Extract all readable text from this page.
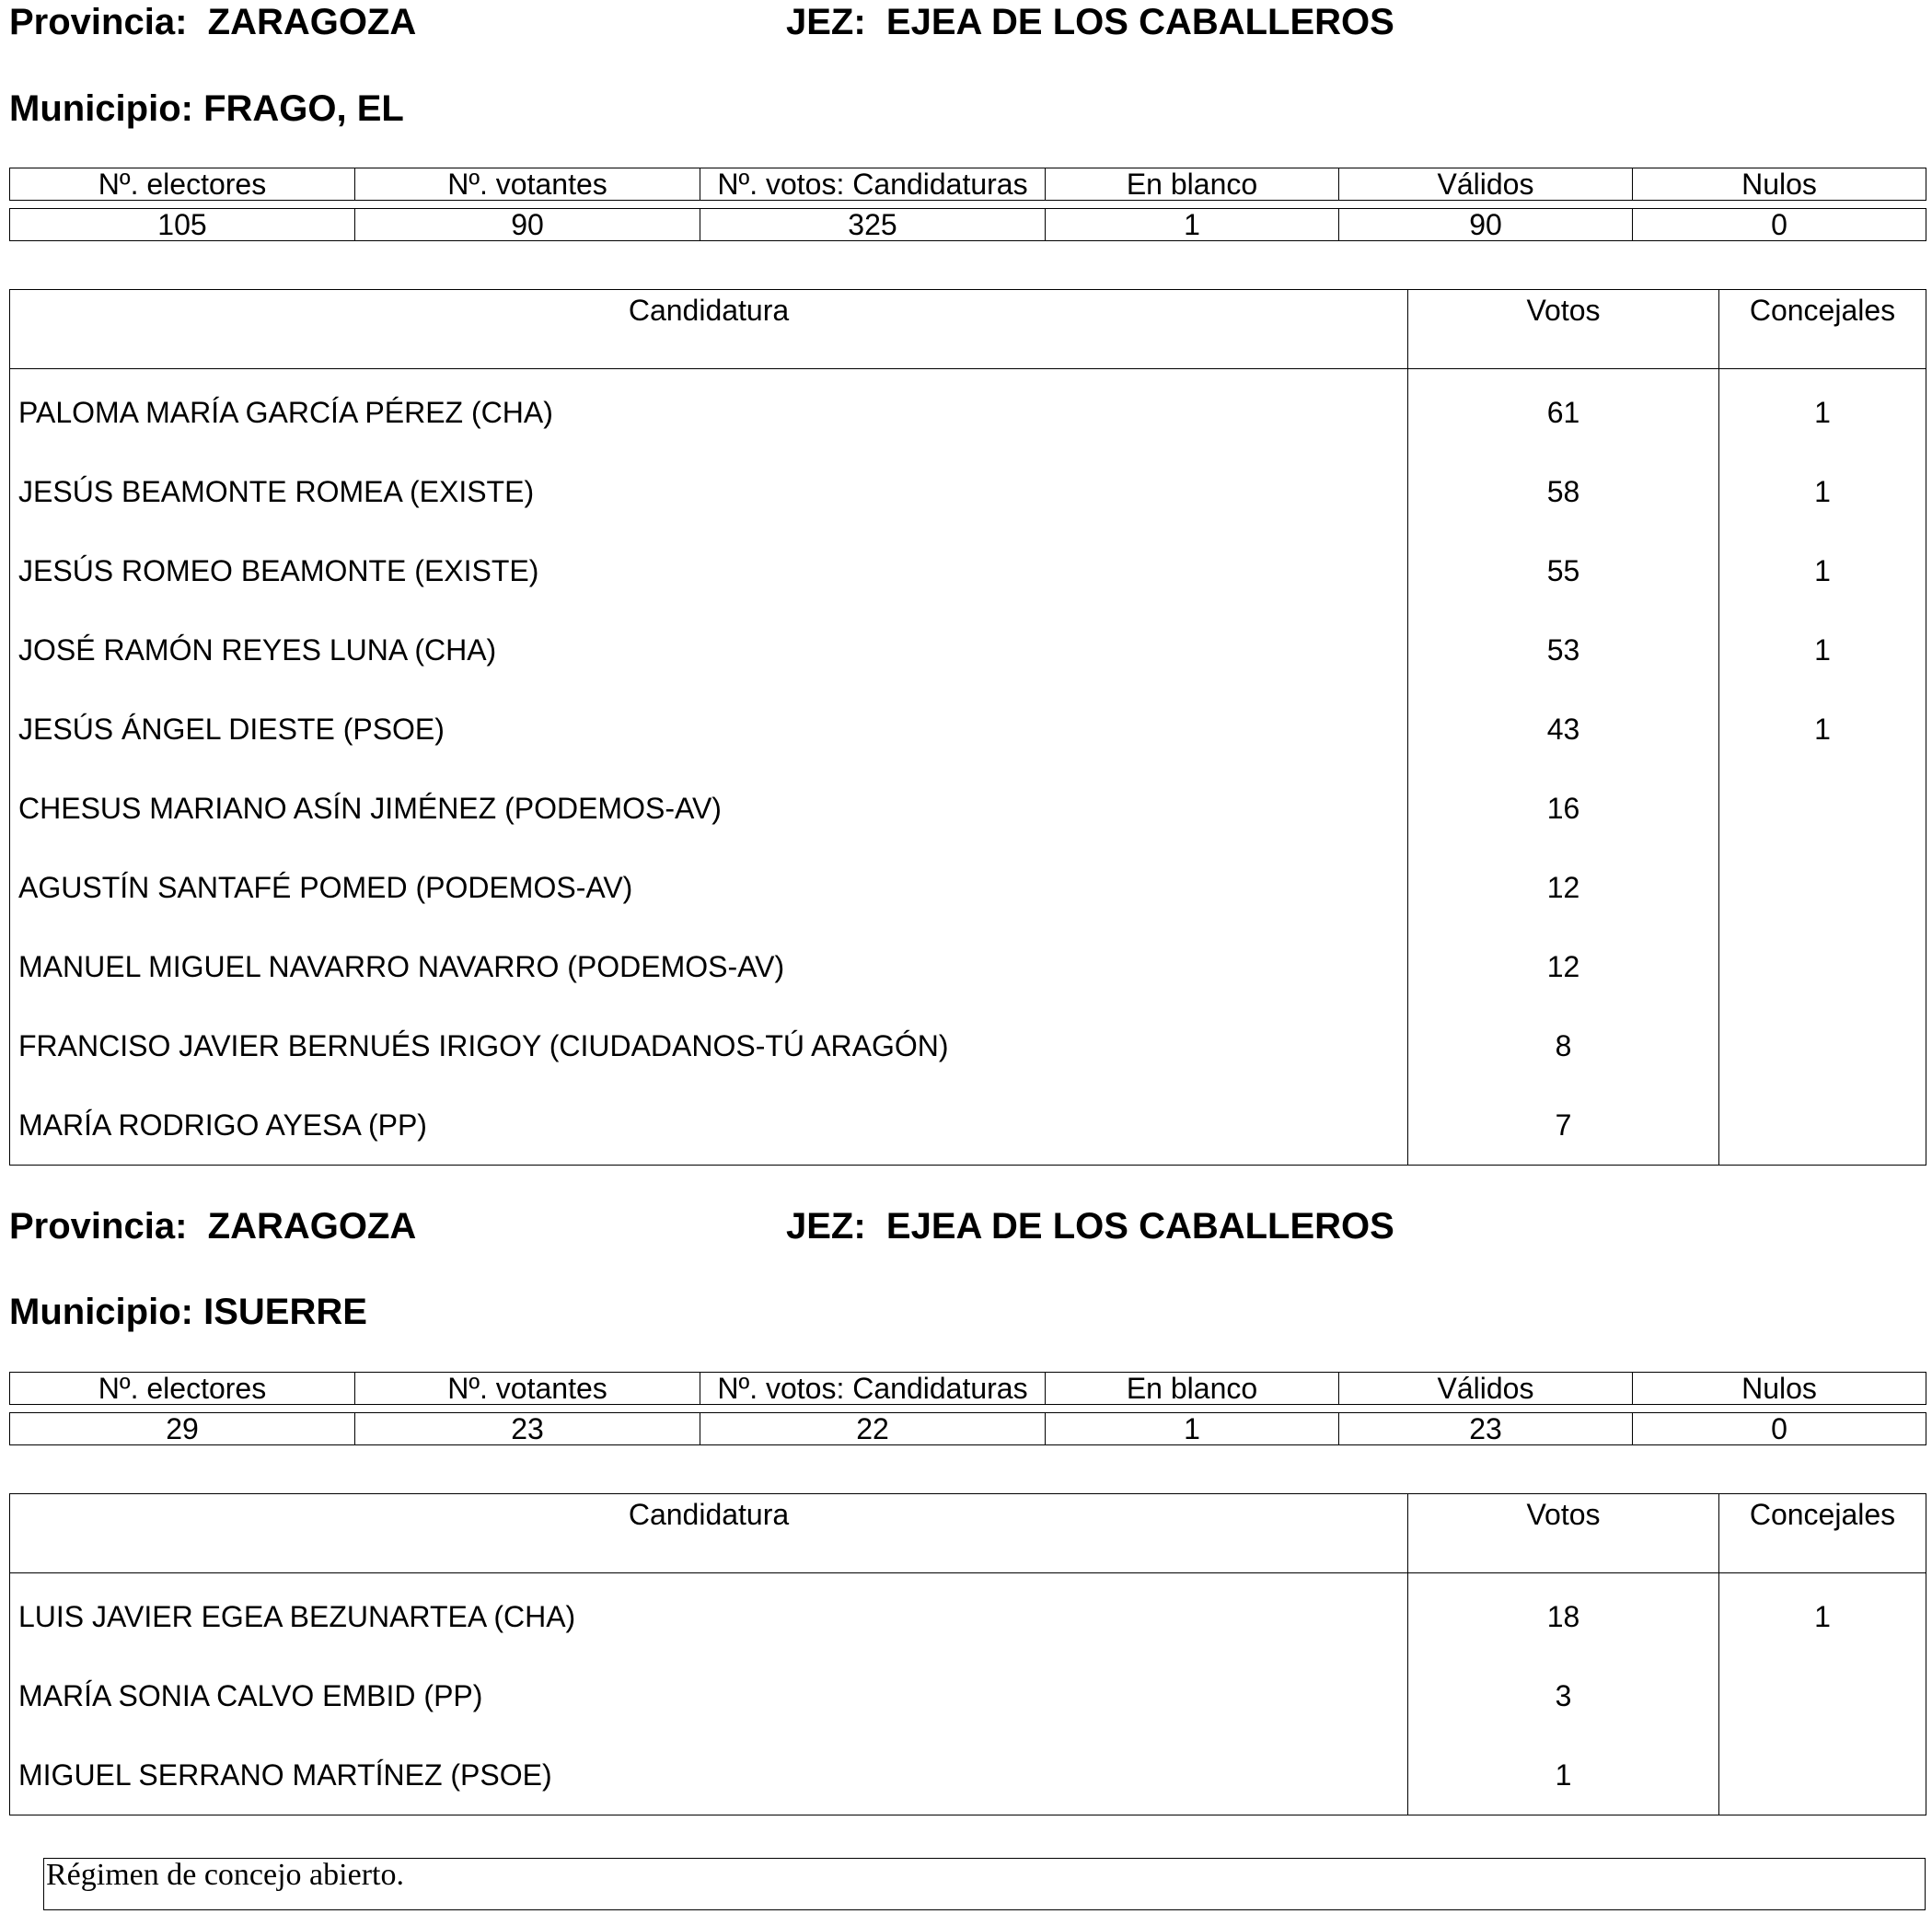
Provincia: ZARAGOZA	JEZ: EJEA DE LOS CABALLEROS
Municipio: FRAGO, EL
Nº. electores	Nº. votantes	Nº. votos: Candidaturas	En blanco	Válidos	Nulos
105	90	325	1	90	0
Candidatura	Votos	Concejales
PALOMA MARÍA GARCÍA PÉREZ (CHA)	61	1
JESÚS BEAMONTE ROMEA (EXISTE)	58	1
JESÚS ROMEO BEAMONTE (EXISTE)	55	1
JOSÉ RAMÓN REYES LUNA (CHA)	53	1
JESÚS ÁNGEL DIESTE (PSOE)	43	1
CHESUS MARIANO ASÍN JIMÉNEZ (PODEMOS-AV)	16	
AGUSTÍN SANTAFÉ POMED (PODEMOS-AV)	12	
MANUEL MIGUEL NAVARRO NAVARRO (PODEMOS-AV)	12	
FRANCISO JAVIER BERNUÉS IRIGOY (CIUDADANOS-TÚ ARAGÓN)	8	
MARÍA RODRIGO AYESA (PP)	7	
Provincia: ZARAGOZA	JEZ: EJEA DE LOS CABALLEROS
Municipio: ISUERRE
Nº. electores	Nº. votantes	Nº. votos: Candidaturas	En blanco	Válidos	Nulos
29	23	22	1	23	0
Candidatura	Votos	Concejales
LUIS JAVIER EGEA BEZUNARTEA (CHA)	18	1
MARÍA SONIA CALVO EMBID (PP)	3	
MIGUEL SERRANO MARTÍNEZ (PSOE)	1	
Régimen de concejo abierto.
